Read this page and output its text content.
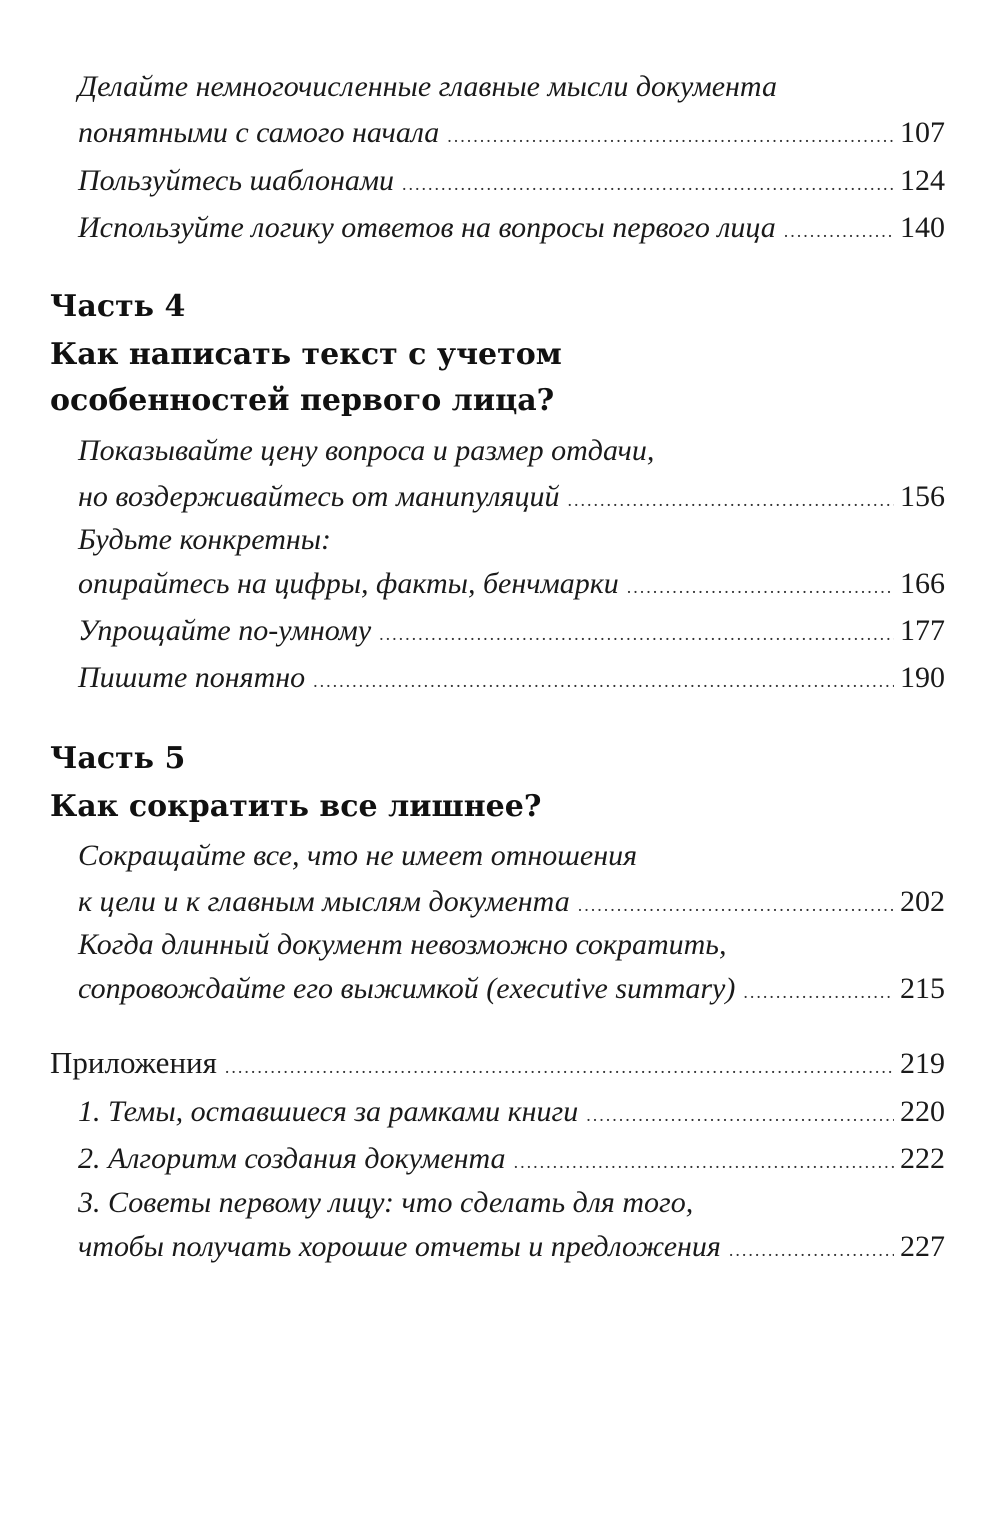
Делайте немногочисленные главные мысли документа
понятными с самого начала .....	107
Пользуйтесь шаблонами .....	124
Используйте логику ответов на вопросы первого лица .....	140
Часть 4
Как написать текст с учетом
особенностей первого лица?
Показывайте цену вопроса и размер отдачи,
но воздерживайтесь от манипуляций .....	156
Будьте конкретны:
опирайтесь на цифры, факты, бенчмарки .....	166
Упрощайте по-умному .....	177
Пишите понятно .....	190
Часть 5
Как сократить все лишнее?
Сокращайте все, что не имеет отношения
к цели и к главным мыслям документа .....	202
Когда длинный документ невозможно сократить,
сопровождайте его выжимкой (executive summary) .....	215
Приложения .....	219
1. Темы, оставшиеся за рамками книги .....	220
2. Алгоритм создания документа .....	222
3. Советы первому лицу: что сделать для того,
чтобы получать хорошие отчеты и предложения .....	227
